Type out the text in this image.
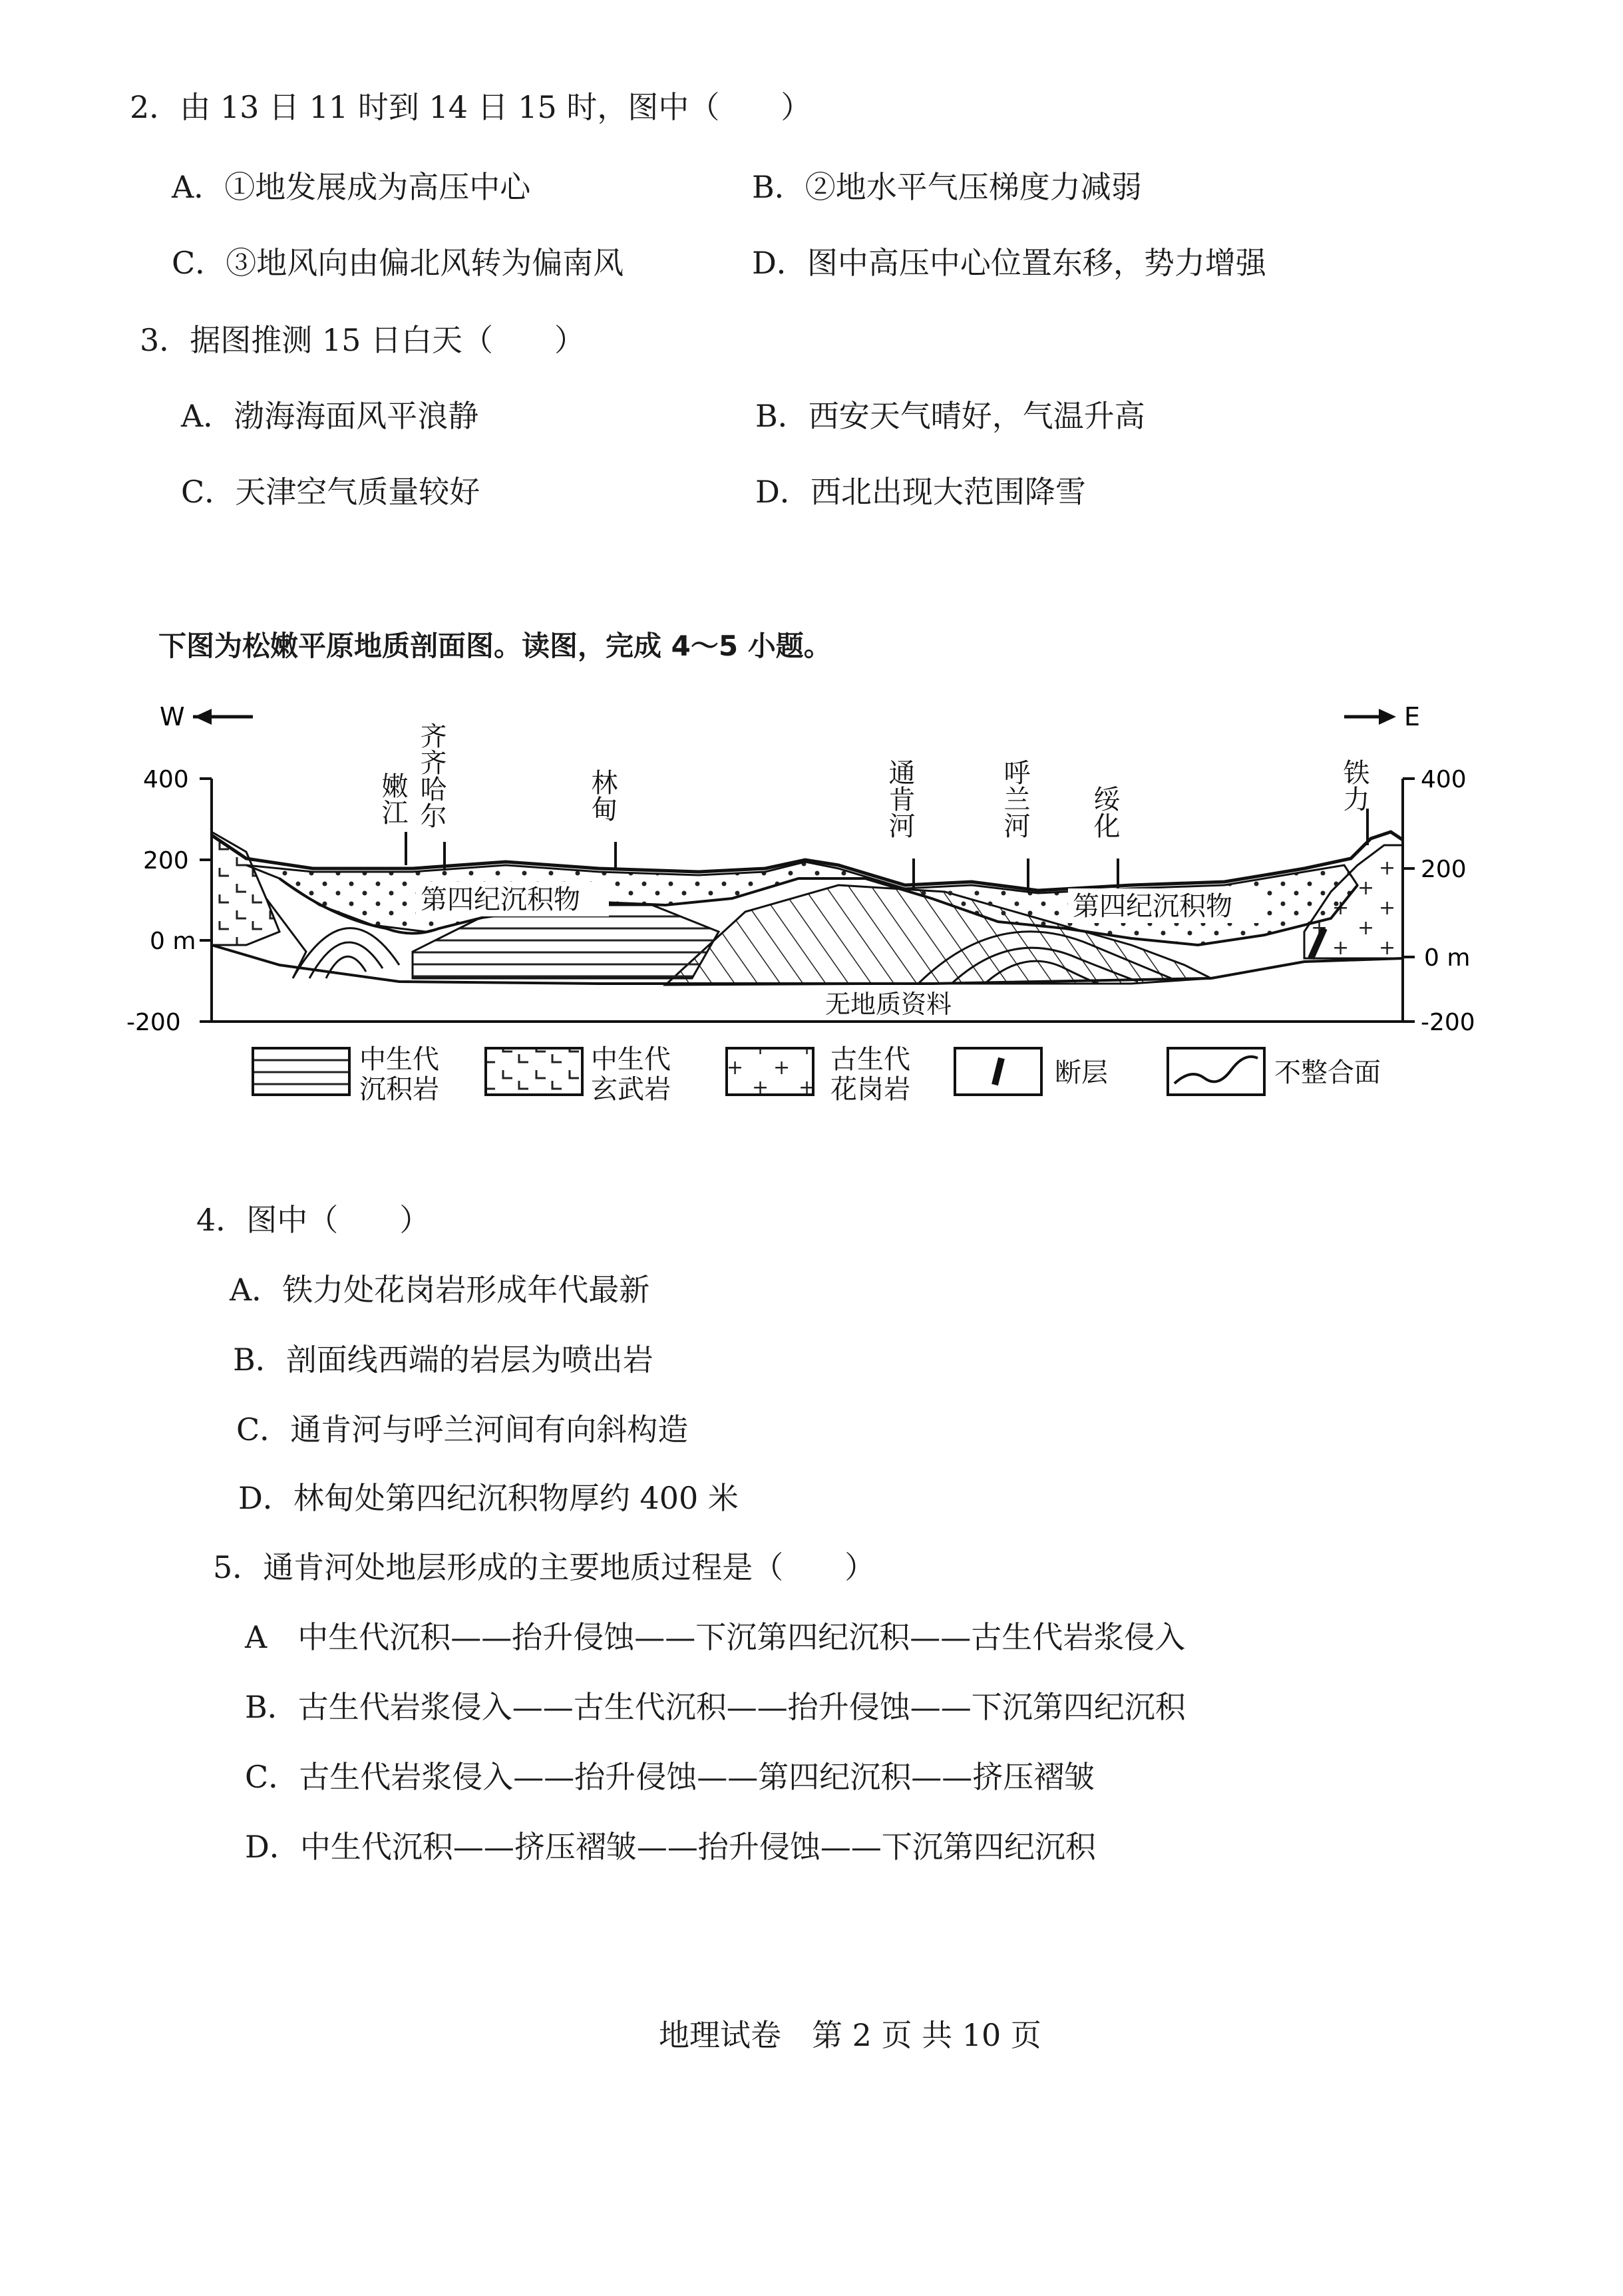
2．由 13 日 11 时到 14 日 15 时，图中（　　）
A．①地发展成为高压中心	B．②地水平气压梯度力减弱
C．③地风向由偏北风转为偏南风	D．图中高压中心位置东移，势力增强
3．据图推测 15 日白天（　　）
A．渤海海面风平浪静	B．西安天气晴好，气温升高
C．天津空气质量较好	D．西北出现大范围降雪
下图为松嫩平原地质剖面图。读图，完成 4～5 小题。
W	E
400
200
0 m
-200
400
200
0 m
-200
嫩江 齐齐哈尔	林甸	通肯河	呼兰河 绥化	铁力
第四纪沉积物	第四纪沉积物
无地质资料
中生代
沉积岩
中生代
玄武岩
古生代
花岗岩
断层	不整合面
4．图中（　　）
A．铁力处花岗岩形成年代最新
B．剖面线西端的岩层为喷出岩
C．通肯河与呼兰河间有向斜构造
D．林甸处第四纪沉积物厚约 400 米
5．通肯河处地层形成的主要地质过程是（　　）
A　中生代沉积——抬升侵蚀——下沉第四纪沉积——古生代岩浆侵入
B．古生代岩浆侵入——古生代沉积——抬升侵蚀——下沉第四纪沉积
C．古生代岩浆侵入——抬升侵蚀——第四纪沉积——挤压褶皱
D．中生代沉积——挤压褶皱——抬升侵蚀——下沉第四纪沉积
地理试卷　第 2 页 共 10 页
